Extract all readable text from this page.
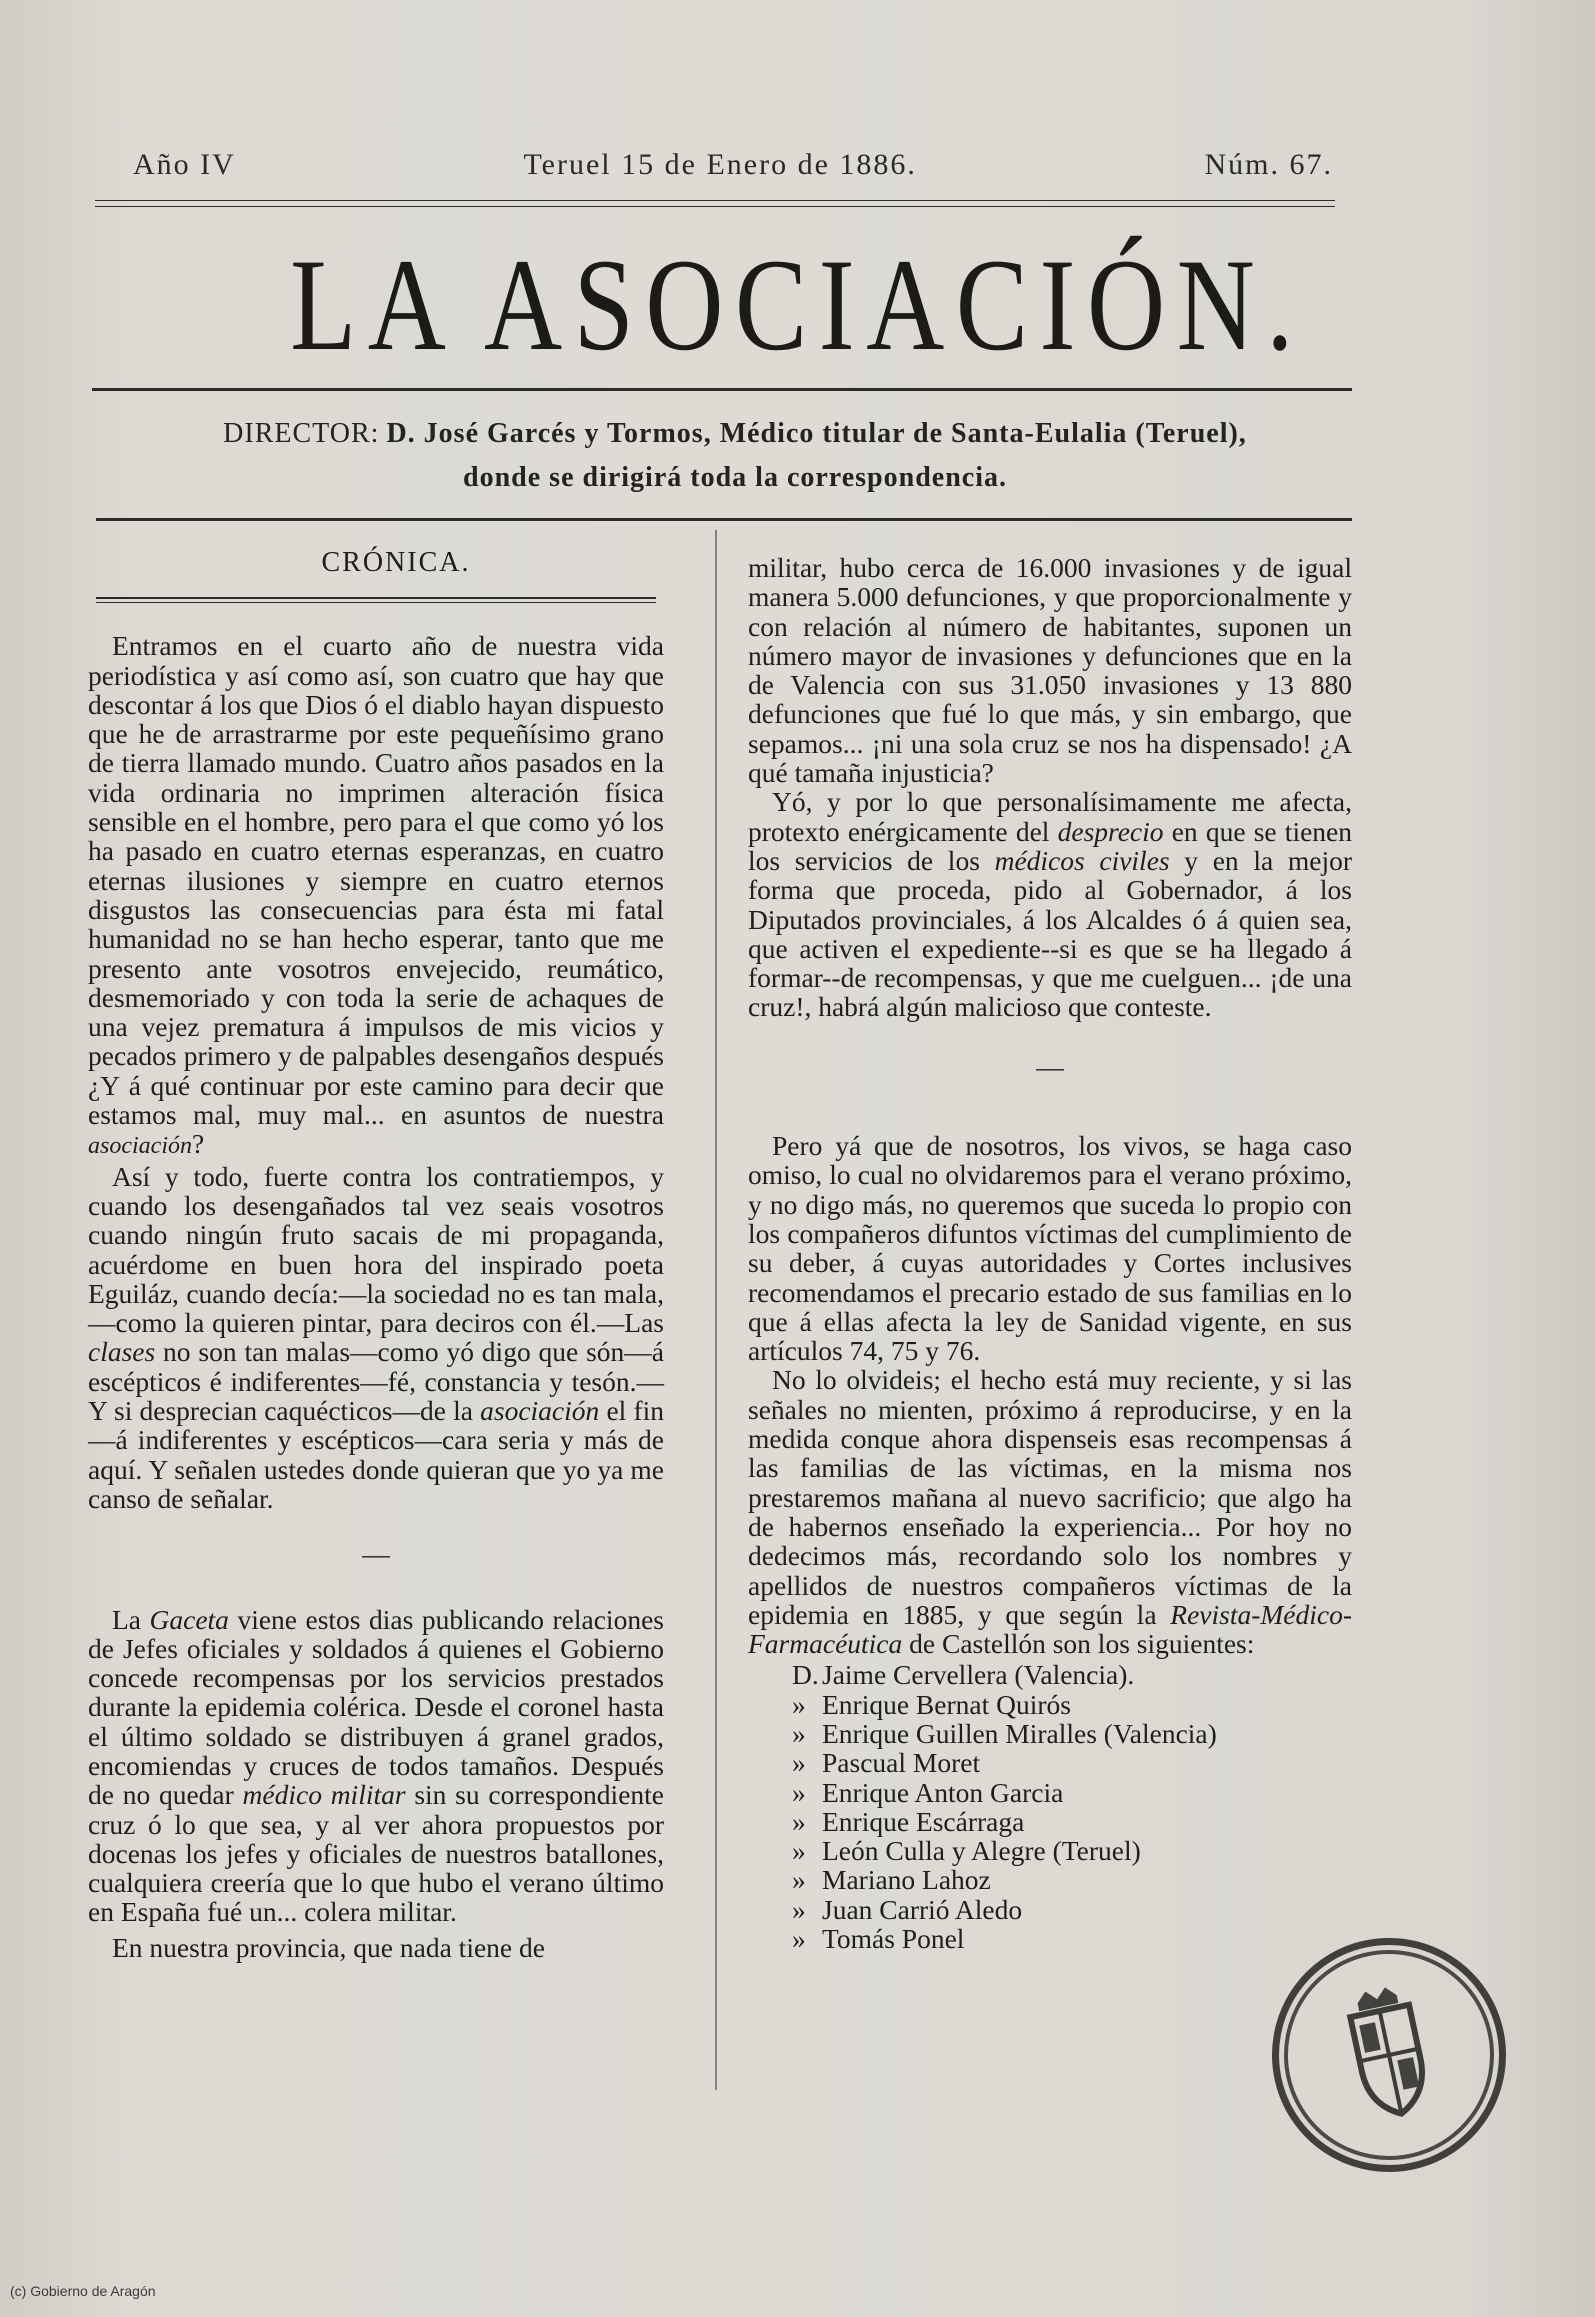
Año IV	Teruel 15 de Enero de 1886.	Núm. 67.
LA ASOCIACIÓN.
DIRECTOR: D. José Garcés y Tormos, Médico titular de Santa-Eulalia (Teruel),
donde se dirigirá toda la correspondencia.
CRÓNICA.

Entramos en el cuarto año de nuestra vida periodística y así como así, son cuatro que hay que descontar á los que Dios ó el diablo hayan dispuesto que he de arrastrarme por este pequeñísimo grano de tierra llamado mundo. Cuatro años pasados en la vida ordinaria no imprimen alteración física sensible en el hombre, pero para el que como yó los ha pasado en cuatro eternas esperanzas, en cuatro eternas ilusiones y siempre en cuatro eternos disgustos las consecuencias para ésta mi fatal humanidad no se han hecho esperar, tanto que me presento ante vosotros envejecido, reumático, desmemoriado y con toda la serie de achaques de una vejez prematura á impulsos de mis vicios y pecados primero y de palpables desengaños después ¿Y á qué continuar por este camino para decir que estamos mal, muy mal... en asuntos de nuestra asociación?

Así y todo, fuerte contra los contratiempos, y cuando los desengañados tal vez seais vosotros cuando ningún fruto sacais de mi propaganda, acuérdome en buen hora del inspirado poeta Eguiláz, cuando decía:—la sociedad no es tan mala,—como la quieren pintar, para deciros con él.—Las clases no son tan malas—como yó digo que són—á escépticos é indiferentes—fé, constancia y tesón.—Y si desprecian caquécticos—de la asociación el fin —á indiferentes y escépticos—cara seria y más de aquí. Y señalen ustedes donde quieran que yo ya me canso de señalar.

—

La Gaceta viene estos dias publicando relaciones de Jefes oficiales y soldados á quienes el Gobierno concede recompensas por los servicios prestados durante la epidemia colérica. Desde el coronel hasta el último soldado se distribuyen á granel grados, encomiendas y cruces de todos tamaños. Después de no quedar médico militar sin su correspondiente cruz ó lo que sea, y al ver ahora propuestos por docenas los jefes y oficiales de nuestros batallones, cualquiera creería que lo que hubo el verano último en España fué un... colera militar.

En nuestra provincia, que nada tiene de

militar, hubo cerca de 16.000 invasiones y de igual manera 5.000 defunciones, y que proporcionalmente y con relación al número de habitantes, suponen un número mayor de invasiones y defunciones que en la de Valencia con sus 31.050 invasiones y 13 880 defunciones que fué lo que más, y sin embargo, que sepamos... ¡ni una sola cruz se nos ha dispensado! ¿A qué tamaña injusticia?

Yó, y por lo que personalísimamente me afecta, protexto enérgicamente del desprecio en que se tienen los servicios de los médicos civiles y en la mejor forma que proceda, pido al Gobernador, á los Diputados provinciales, á los Alcaldes ó á quien sea, que activen el expediente--si es que se ha llegado á formar--de recompensas, y que me cuelguen... ¡de una cruz!, habrá algún malicioso que conteste.

—

Pero yá que de nosotros, los vivos, se haga caso omiso, lo cual no olvidaremos para el verano próximo, y no digo más, no queremos que suceda lo propio con los compañeros difuntos víctimas del cumplimiento de su deber, á cuyas autoridades y Cortes inclusives recomendamos el precario estado de sus familias en lo que á ellas afecta la ley de Sanidad vigente, en sus artículos 74, 75 y 76.

No lo olvideis; el hecho está muy reciente, y si las señales no mienten, próximo á reproducirse, y en la medida conque ahora dispenseis esas recompensas á las familias de las víctimas, en la misma nos prestaremos mañana al nuevo sacrificio; que algo ha de habernos enseñado la experiencia... Por hoy no dedecimos más, recordando solo los nombres y apellidos de nuestros compañeros víctimas de la epidemia en 1885, y que según la Revista-Médico-Farmacéutica de Castellón son los siguientes:

D. Jaime Cervellera (Valencia).

» Enrique Bernat Quirós

» Enrique Guillen Miralles (Valencia)

» Pascual Moret

» Enrique Anton Garcia

» Enrique Escárraga

» León Culla y Alegre (Teruel)

» Mariano Lahoz

» Juan Carrió Aledo

» Tomás Ponel

(c) Gobierno de Aragón
